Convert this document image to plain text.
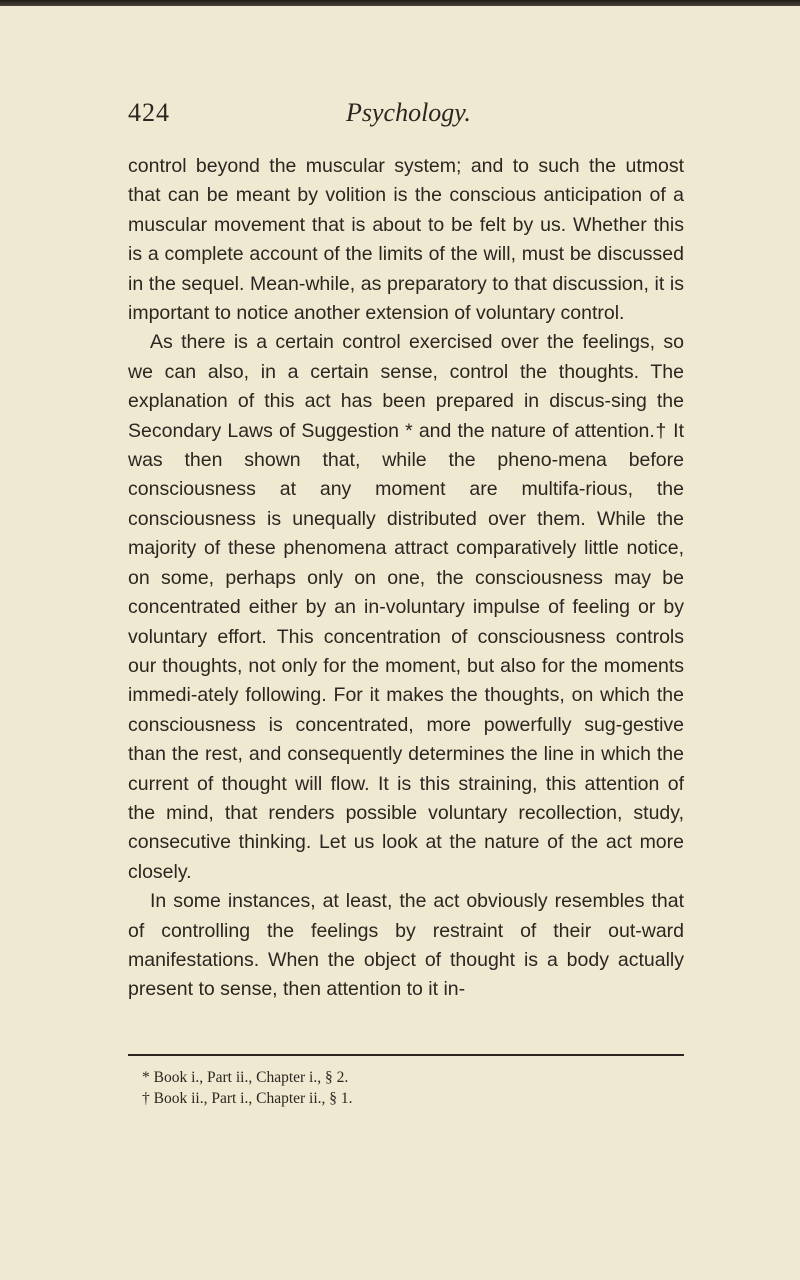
424	Psychology.

control beyond the muscular system; and to such the utmost that can be meant by volition is the conscious anticipation of a muscular movement that is about to be felt by us. Whether this is a complete account of the limits of the will, must be discussed in the sequel. Mean-while, as preparatory to that discussion, it is important to notice another extension of voluntary control.

As there is a certain control exercised over the feelings, so we can also, in a certain sense, control the thoughts. The explanation of this act has been prepared in discus-sing the Secondary Laws of Suggestion * and the nature of attention.† It was then shown that, while the pheno-mena before consciousness at any moment are multifa-rious, the consciousness is unequally distributed over them. While the majority of these phenomena attract comparatively little notice, on some, perhaps only on one, the consciousness may be concentrated either by an in-voluntary impulse of feeling or by voluntary effort. This concentration of consciousness controls our thoughts, not only for the moment, but also for the moments immedi-ately following. For it makes the thoughts, on which the consciousness is concentrated, more powerfully sug-gestive than the rest, and consequently determines the line in which the current of thought will flow. It is this straining, this attention of the mind, that renders possible voluntary recollection, study, consecutive thinking. Let us look at the nature of the act more closely.

In some instances, at least, the act obviously resembles that of controlling the feelings by restraint of their out-ward manifestations. When the object of thought is a body actually present to sense, then attention to it in-

* Book i., Part ii., Chapter i., § 2.
† Book ii., Part i., Chapter ii., § 1.
